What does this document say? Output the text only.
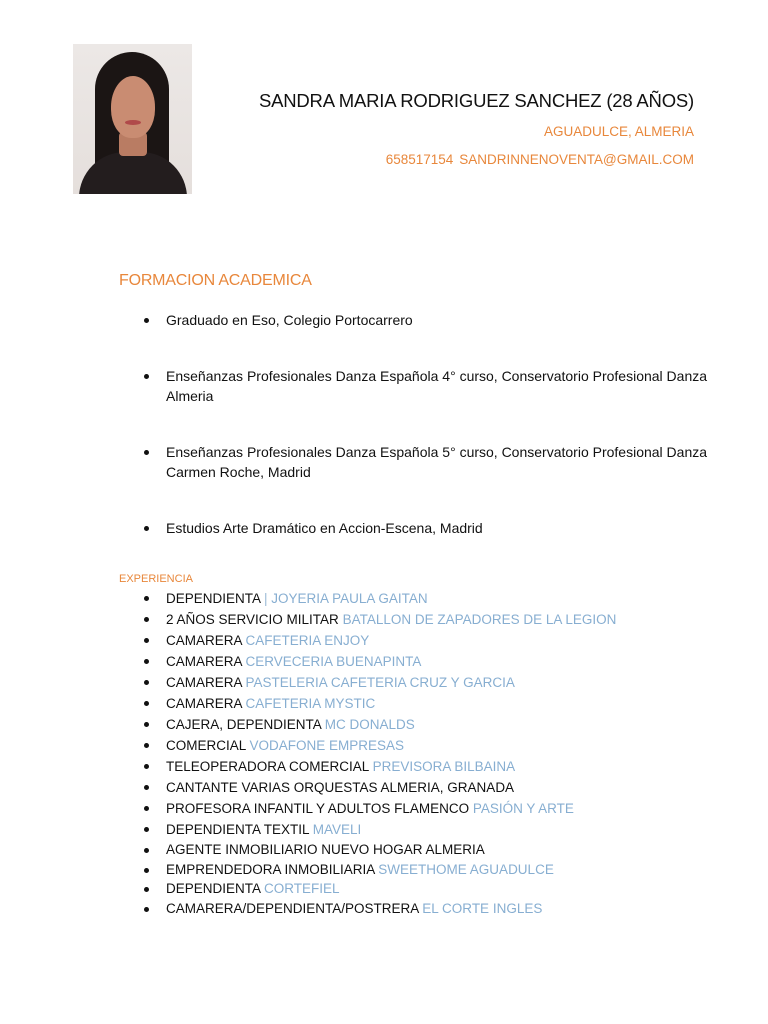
SANDRA MARIA RODRIGUEZ SANCHEZ (28 AÑOS)
AGUADULCE, ALMERIA
658517154 SANDRINNENOVENTA@GMAIL.COM
FORMACION ACADEMICA
Graduado en Eso, Colegio Portocarrero
Enseñanzas Profesionales Danza Española 4° curso, Conservatorio Profesional Danza Almeria
Enseñanzas Profesionales Danza Española 5° curso, Conservatorio Profesional Danza Carmen Roche, Madrid
Estudios Arte Dramático en Accion-Escena, Madrid
EXPERIENCIA
DEPENDIENTA | JOYERIA PAULA GAITAN
2 AÑOS SERVICIO MILITAR BATALLON DE ZAPADORES DE LA LEGION
CAMARERA CAFETERIA ENJOY
CAMARERA CERVECERIA BUENAPINTA
CAMARERA PASTELERIA CAFETERIA CRUZ Y GARCIA
CAMARERA CAFETERIA MYSTIC
CAJERA, DEPENDIENTA MC DONALDS
COMERCIAL VODAFONE EMPRESAS
TELEOPERADORA COMERCIAL PREVISORA BILBAINA
CANTANTE VARIAS ORQUESTAS ALMERIA, GRANADA
PROFESORA INFANTIL Y ADULTOS FLAMENCO PASIÓN Y ARTE
DEPENDIENTA TEXTIL MAVELI
AGENTE INMOBILIARIO NUEVO HOGAR ALMERIA
EMPRENDEDORA INMOBILIARIA SWEETHOME AGUADULCE
DEPENDIENTA CORTEFIEL
CAMARERA/DEPENDIENTA/POSTRERA EL CORTE INGLES
